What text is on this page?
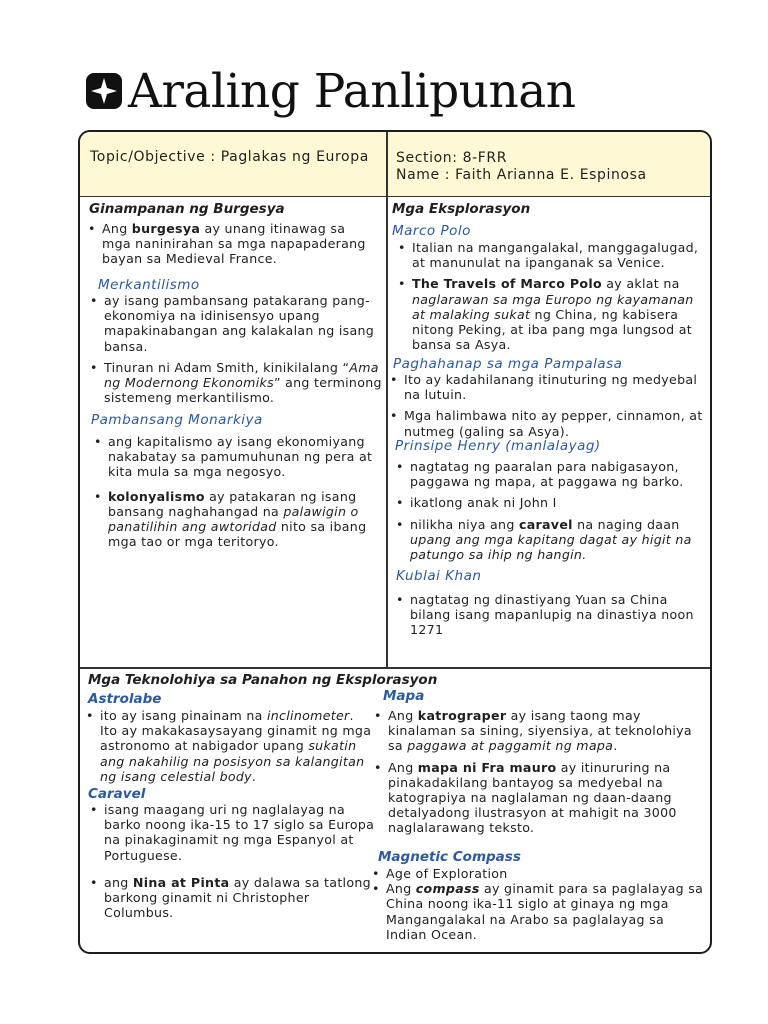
Araling Panlipunan
Topic/Objective : Paglakas ng Europa	Section: 8-FRR
Name : Faith Arianna E. Espinosa
Ginampanan ng Burgesya
• Ang burgesya ay unang itinawag sa mga naninirahan sa mga napapaderang bayan sa Medieval France.
Merkantilismo
• ay isang pambansang patakarang pang-ekonomiya na idinisensyo upang mapakinabangan ang kalakalan ng isang bansa.
• Tinuran ni Adam Smith, kinikilalang “Ama ng Modernong Ekonomiks” ang terminong sistemeng merkantilismo.
Pambansang Monarkiya
• ang kapitalismo ay isang ekonomiyang nakabatay sa pamumuhunan ng pera at kita mula sa mga negosyo.
• kolonyalismo ay patakaran ng isang bansang naghahangad na palawigin o panatilihin ang awtoridad nito sa ibang mga tao or mga teritoryo.
Mga Eksplorasyon
Marco Polo
• Italian na mangangalakal, manggagalugad, at manunulat na ipanganak sa Venice.
• The Travels of Marco Polo ay aklat na naglarawan sa mga Europo ng kayamanan at malaking sukat ng China, ng kabisera nitong Peking, at iba pang mga lungsod at bansa sa Asya.
Paghahanap sa mga Pampalasa
• Ito ay kadahilanang itinuturing ng medyebal na lutuin.
• Mga halimbawa nito ay pepper, cinnamon, at nutmeg (galing sa Asya).
Prinsipe Henry (manlalayag)
• nagtatag ng paaralan para nabigasayon, paggawa ng mapa, at paggawa ng barko.
• ikatlong anak ni John I
• nilikha niya ang caravel na naging daan upang ang mga kapitang dagat ay higit na patungo sa ihip ng hangin.
Kublai Khan
• nagtatag ng dinastiyang Yuan sa China bilang isang mapanlupig na dinastiya noon 1271
Mga Teknolohiya sa Panahon ng Eksplorasyon
Astrolabe
• ito ay isang pinainam na inclinometer. Ito ay makakasaysayang ginamit ng mga astronomo at nabigador upang sukatin ang nakahilig na posisyon sa kalangitan ng isang celestial body.
Caravel
• isang maagang uri ng naglalayag na barko noong ika-15 to 17 siglo sa Europa na pinakaginamit ng mga Espanyol at Portuguese.
• ang Nina at Pinta ay dalawa sa tatlong barkong ginamit ni Christopher Columbus.
Mapa
• Ang katrograper ay isang taong may kinalaman sa sining, siyensiya, at teknolohiya sa paggawa at paggamit ng mapa.
• Ang mapa ni Fra mauro ay itinururing na pinakadakilang bantayog sa medyebal na katograpiya na naglalaman ng daan-daang detalyadong ilustrasyon at mahigit na 3000 naglalarawang teksto.
Magnetic Compass
• Age of Exploration
• Ang compass ay ginamit para sa paglalayag sa China noong ika-11 siglo at ginaya ng mga Mangangalakal na Arabo sa paglalayag sa Indian Ocean.
